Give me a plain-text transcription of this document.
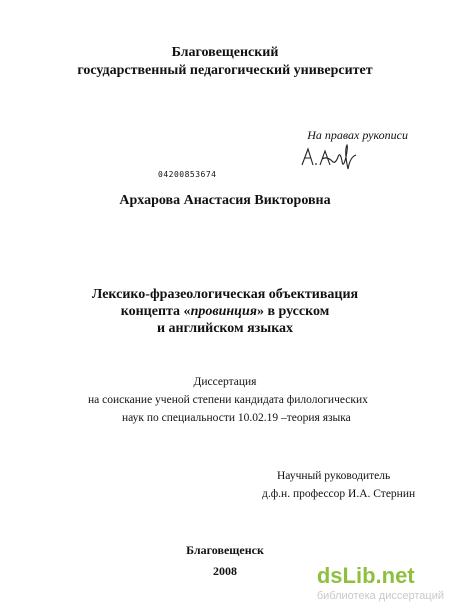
Благовещенский
государственный педагогический университет
На правах рукописи
04200853674
Архарова Анастасия Викторовна
Лексико-фразеологическая объективация
концепта «провинция» в русском
и английском языках
Диссертация
на соискание ученой степени кандидата филологических
наук по специальности 10.02.19 –теория языка
Научный руководитель
д.ф.н. профессор И.А. Стернин
Благовещенск
2008	dsLib.net
библиотека диссертаций
